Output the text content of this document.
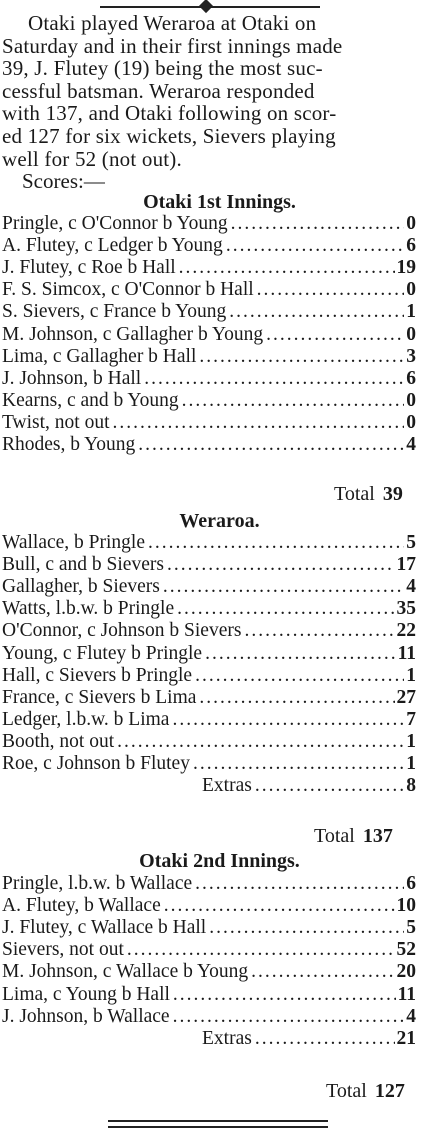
Otaki played Weraroa at Otaki on
Saturday and in their first innings made
39, J. Flutey (19) being the most suc-
cessful batsman. Weraroa responded
with 137, and Otaki following on scor-
ed 127 for six wickets, Sievers playing
well for 52 (not out).
Scores:—
Otaki 1st Innings.
Pringle, c O'Connor b Young .....	0
A. Flutey, c Ledger b Young .....	6
J. Flutey, c Roe b Hall .....	19
F. S. Simcox, c O'Connor b Hall .....	0
S. Sievers, c France b Young .....	1
M. Johnson, c Gallagher b Young .....	0
Lima, c Gallagher b Hall .....	3
J. Johnson, b Hall .....	6
Kearns, c and b Young .....	0
Twist, not out .....	0
Rhodes, b Young .....	4
Total 39
Weraroa.
Wallace, b Pringle .....	5
Bull, c and b Sievers .....	17
Gallagher, b Sievers .....	4
Watts, l.b.w. b Pringle .....	35
O'Connor, c Johnson b Sievers .....	22
Young, c Flutey b Pringle .....	11
Hall, c Sievers b Pringle .....	1
France, c Sievers b Lima .....	27
Ledger, l.b.w. b Lima .....	7
Booth, not out .....	1
Roe, c Johnson b Flutey .....	1
Extras .....	8
Total 137
Otaki 2nd Innings.
Pringle, l.b.w. b Wallace .....	6
A. Flutey, b Wallace .....	10
J. Flutey, c Wallace b Hall .....	5
Sievers, not out .....	52
M. Johnson, c Wallace b Young .....	20
Lima, c Young b Hall .....	11
J. Johnson, b Wallace .....	4
Extras .....	21
Total 127
